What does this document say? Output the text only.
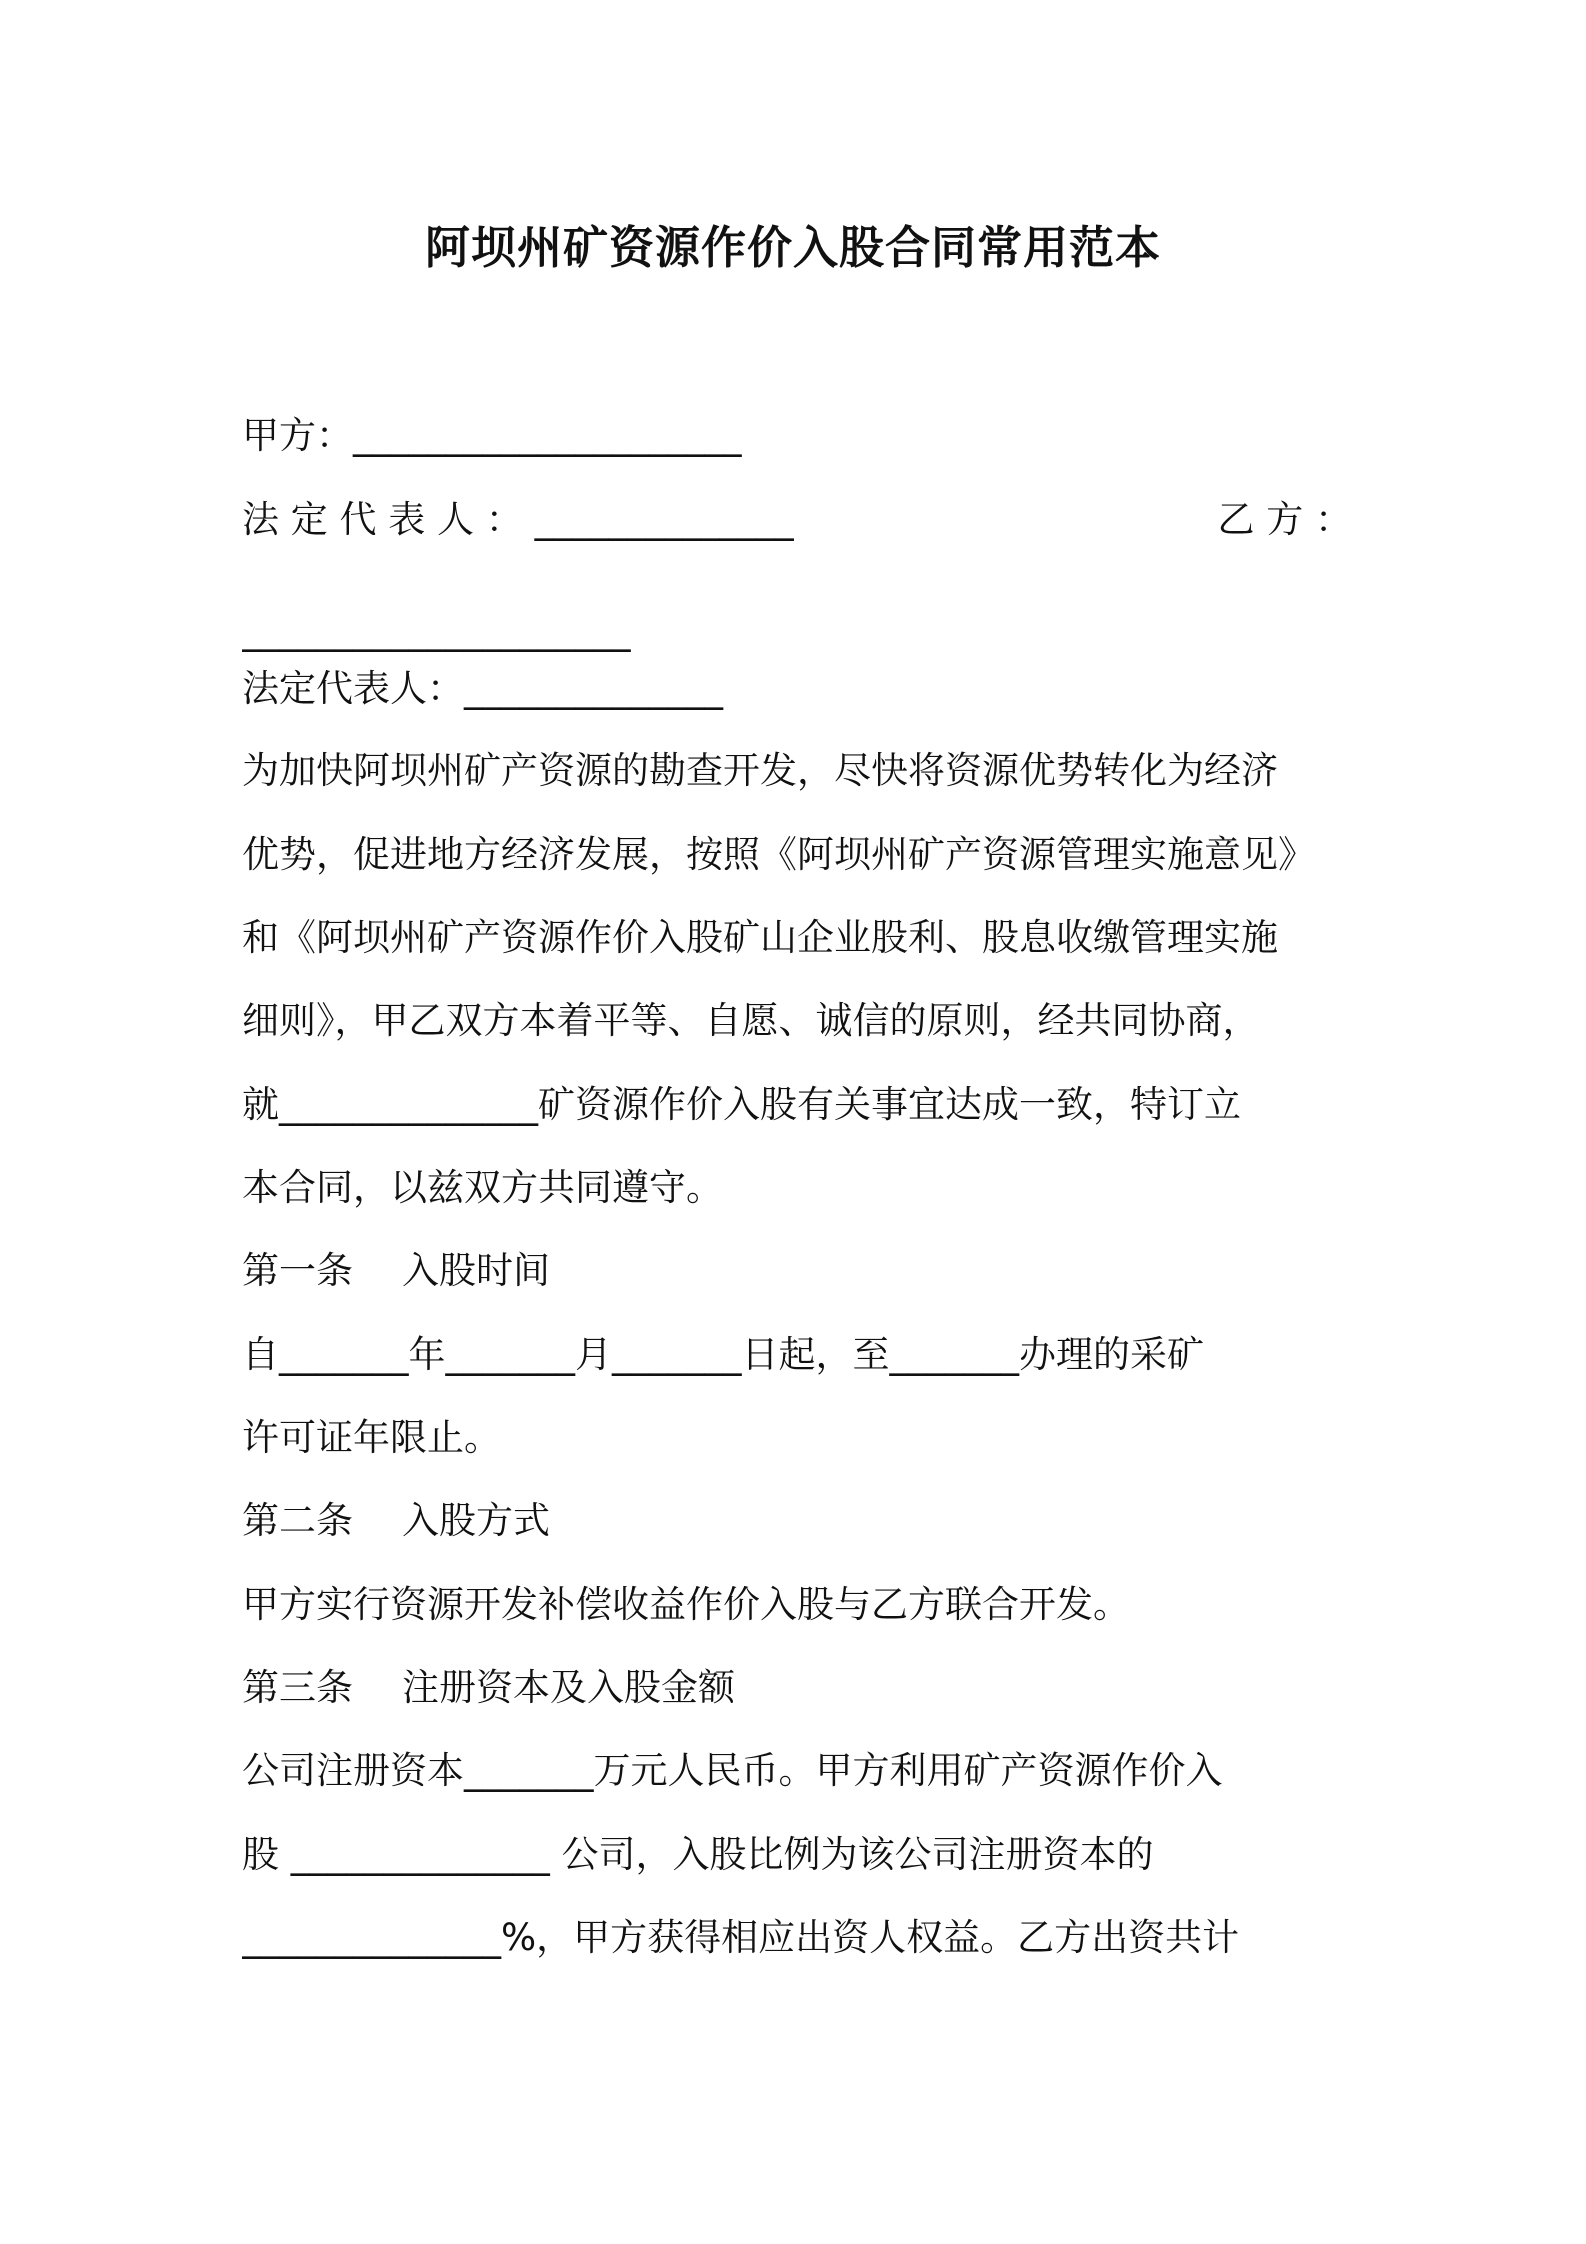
阿坝州矿资源作价入股合同常用范本
甲方：_____________________
法 定 代 表 人 ： ______________	乙 方 ：
_____________________
法定代表人：______________
为加快阿坝州矿产资源的勘查开发，尽快将资源优势转化为经济
优势，促进地方经济发展，按照《阿坝州矿产资源管理实施意见》
和《阿坝州矿产资源作价入股矿山企业股利、股息收缴管理实施
细则》，甲乙双方本着平等、自愿、诚信的原则，经共同协商，
就______________矿资源作价入股有关事宜达成一致，特订立
本合同，以兹双方共同遵守。
第一条 入股时间
自_______年_______月_______日起，至_______办理的采矿
许可证年限止。
第二条 入股方式
甲方实行资源开发补偿收益作价入股与乙方联合开发。
第三条 注册资本及入股金额
公司注册资本_______万元人民币。甲方利用矿产资源作价入
股 ______________ 公司，入股比例为该公司注册资本的
______________%，甲方获得相应出资人权益。乙方出资共计
